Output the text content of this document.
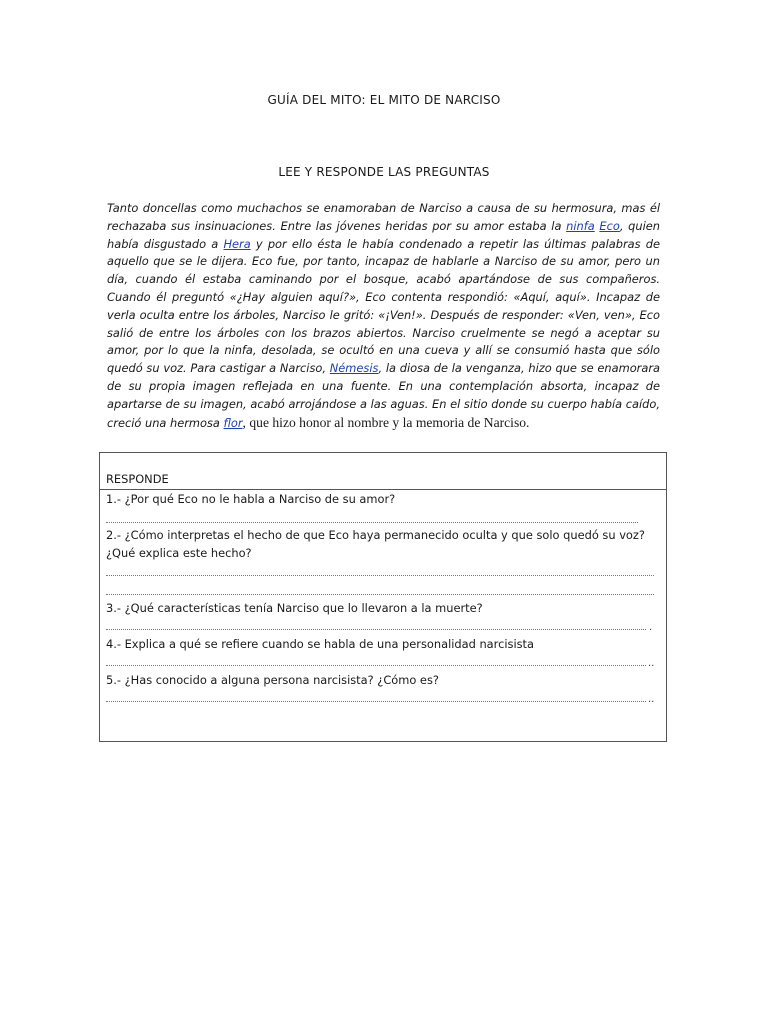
GUÍA DEL MITO: EL MITO DE NARCISO
LEE Y RESPONDE LAS PREGUNTAS

Tanto doncellas como muchachos se enamoraban de Narciso a causa de su hermosura, mas él rechazaba sus insinuaciones. Entre las jóvenes heridas por su amor estaba la ninfa Eco, quien había disgustado a Hera y por ello ésta le había condenado a repetir las últimas palabras de aquello que se le dijera. Eco fue, por tanto, incapaz de hablarle a Narciso de su amor, pero un día, cuando él estaba caminando por el bosque, acabó apartándose de sus compañeros. Cuando él preguntó «¿Hay alguien aquí?», Eco contenta respondió: «Aquí, aquí». Incapaz de verla oculta entre los árboles, Narciso le gritó: «¡Ven!». Después de responder: «Ven, ven», Eco salió de entre los árboles con los brazos abiertos. Narciso cruelmente se negó a aceptar su amor, por lo que la ninfa, desolada, se ocultó en una cueva y allí se consumió hasta que sólo quedó su voz. Para castigar a Narciso, Némesis, la diosa de la venganza, hizo que se enamorara de su propia imagen reflejada en una fuente. En una contemplación absorta, incapaz de apartarse de su imagen, acabó arrojándose a las aguas. En el sitio donde su cuerpo había caído, creció una hermosa flor, que hizo honor al nombre y la memoria de Narciso.

RESPONDE
1.- ¿Por qué Eco no le habla a Narciso de su amor?
2.- ¿Cómo interpretas el hecho de que Eco haya permanecido oculta y que solo quedó su voz? ¿Qué explica este hecho?
3.- ¿Qué características tenía Narciso que lo llevaron a la muerte?
.
4.- Explica a qué se refiere cuando se habla de una personalidad narcisista
..
5.- ¿Has conocido a alguna persona narcisista? ¿Cómo es?
..
